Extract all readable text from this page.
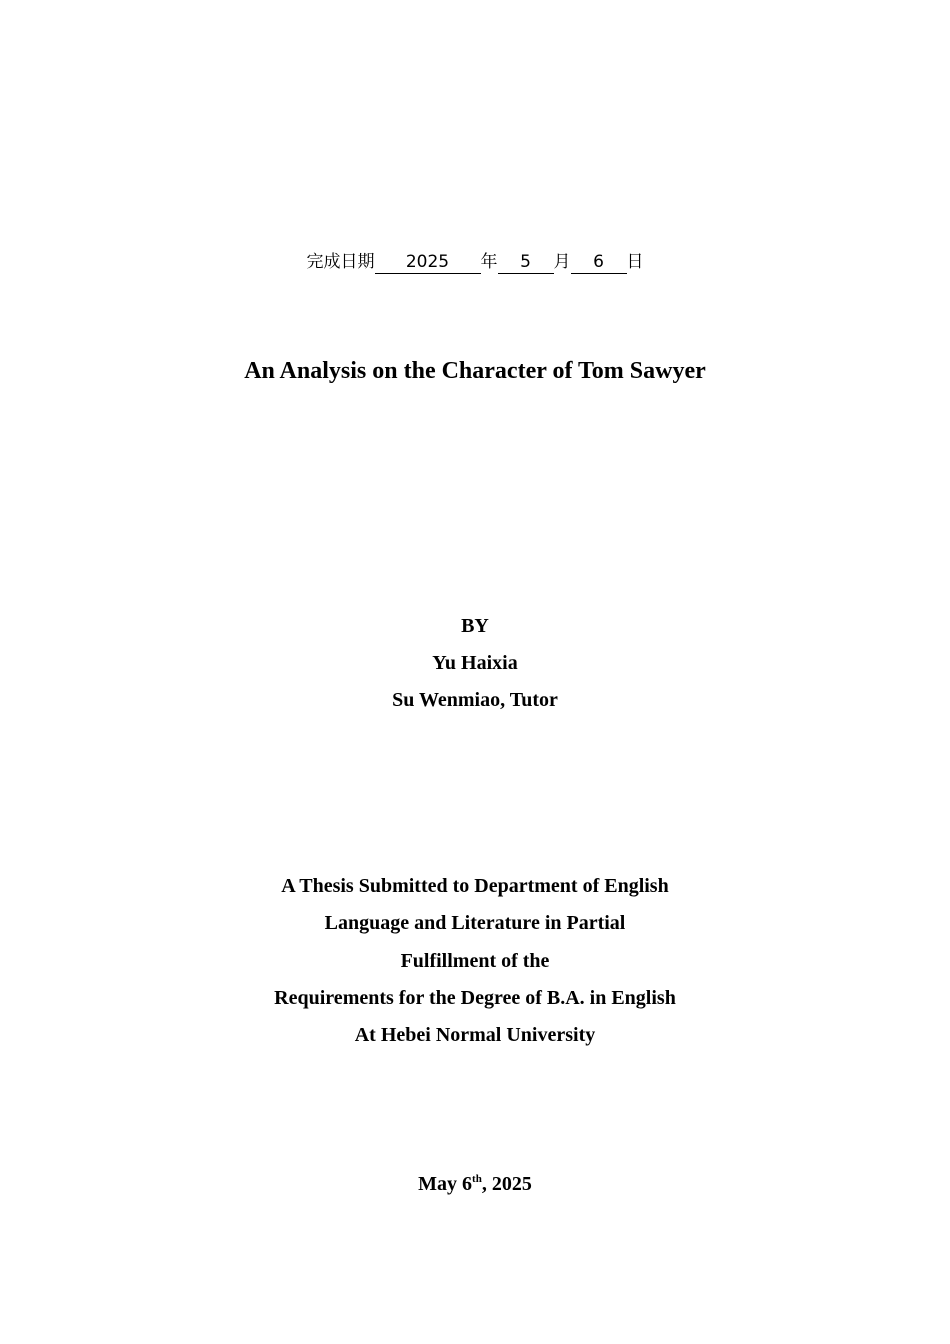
完成日期 2025 年 5 月 6 日
An Analysis on the Character of Tom Sawyer
BY
Yu Haixia
Su Wenmiao, Tutor
A Thesis Submitted to Department of English
Language and Literature in Partial
Fulfillment of the
Requirements for the Degree of B.A. in English
At Hebei Normal University
May 6th, 2025
